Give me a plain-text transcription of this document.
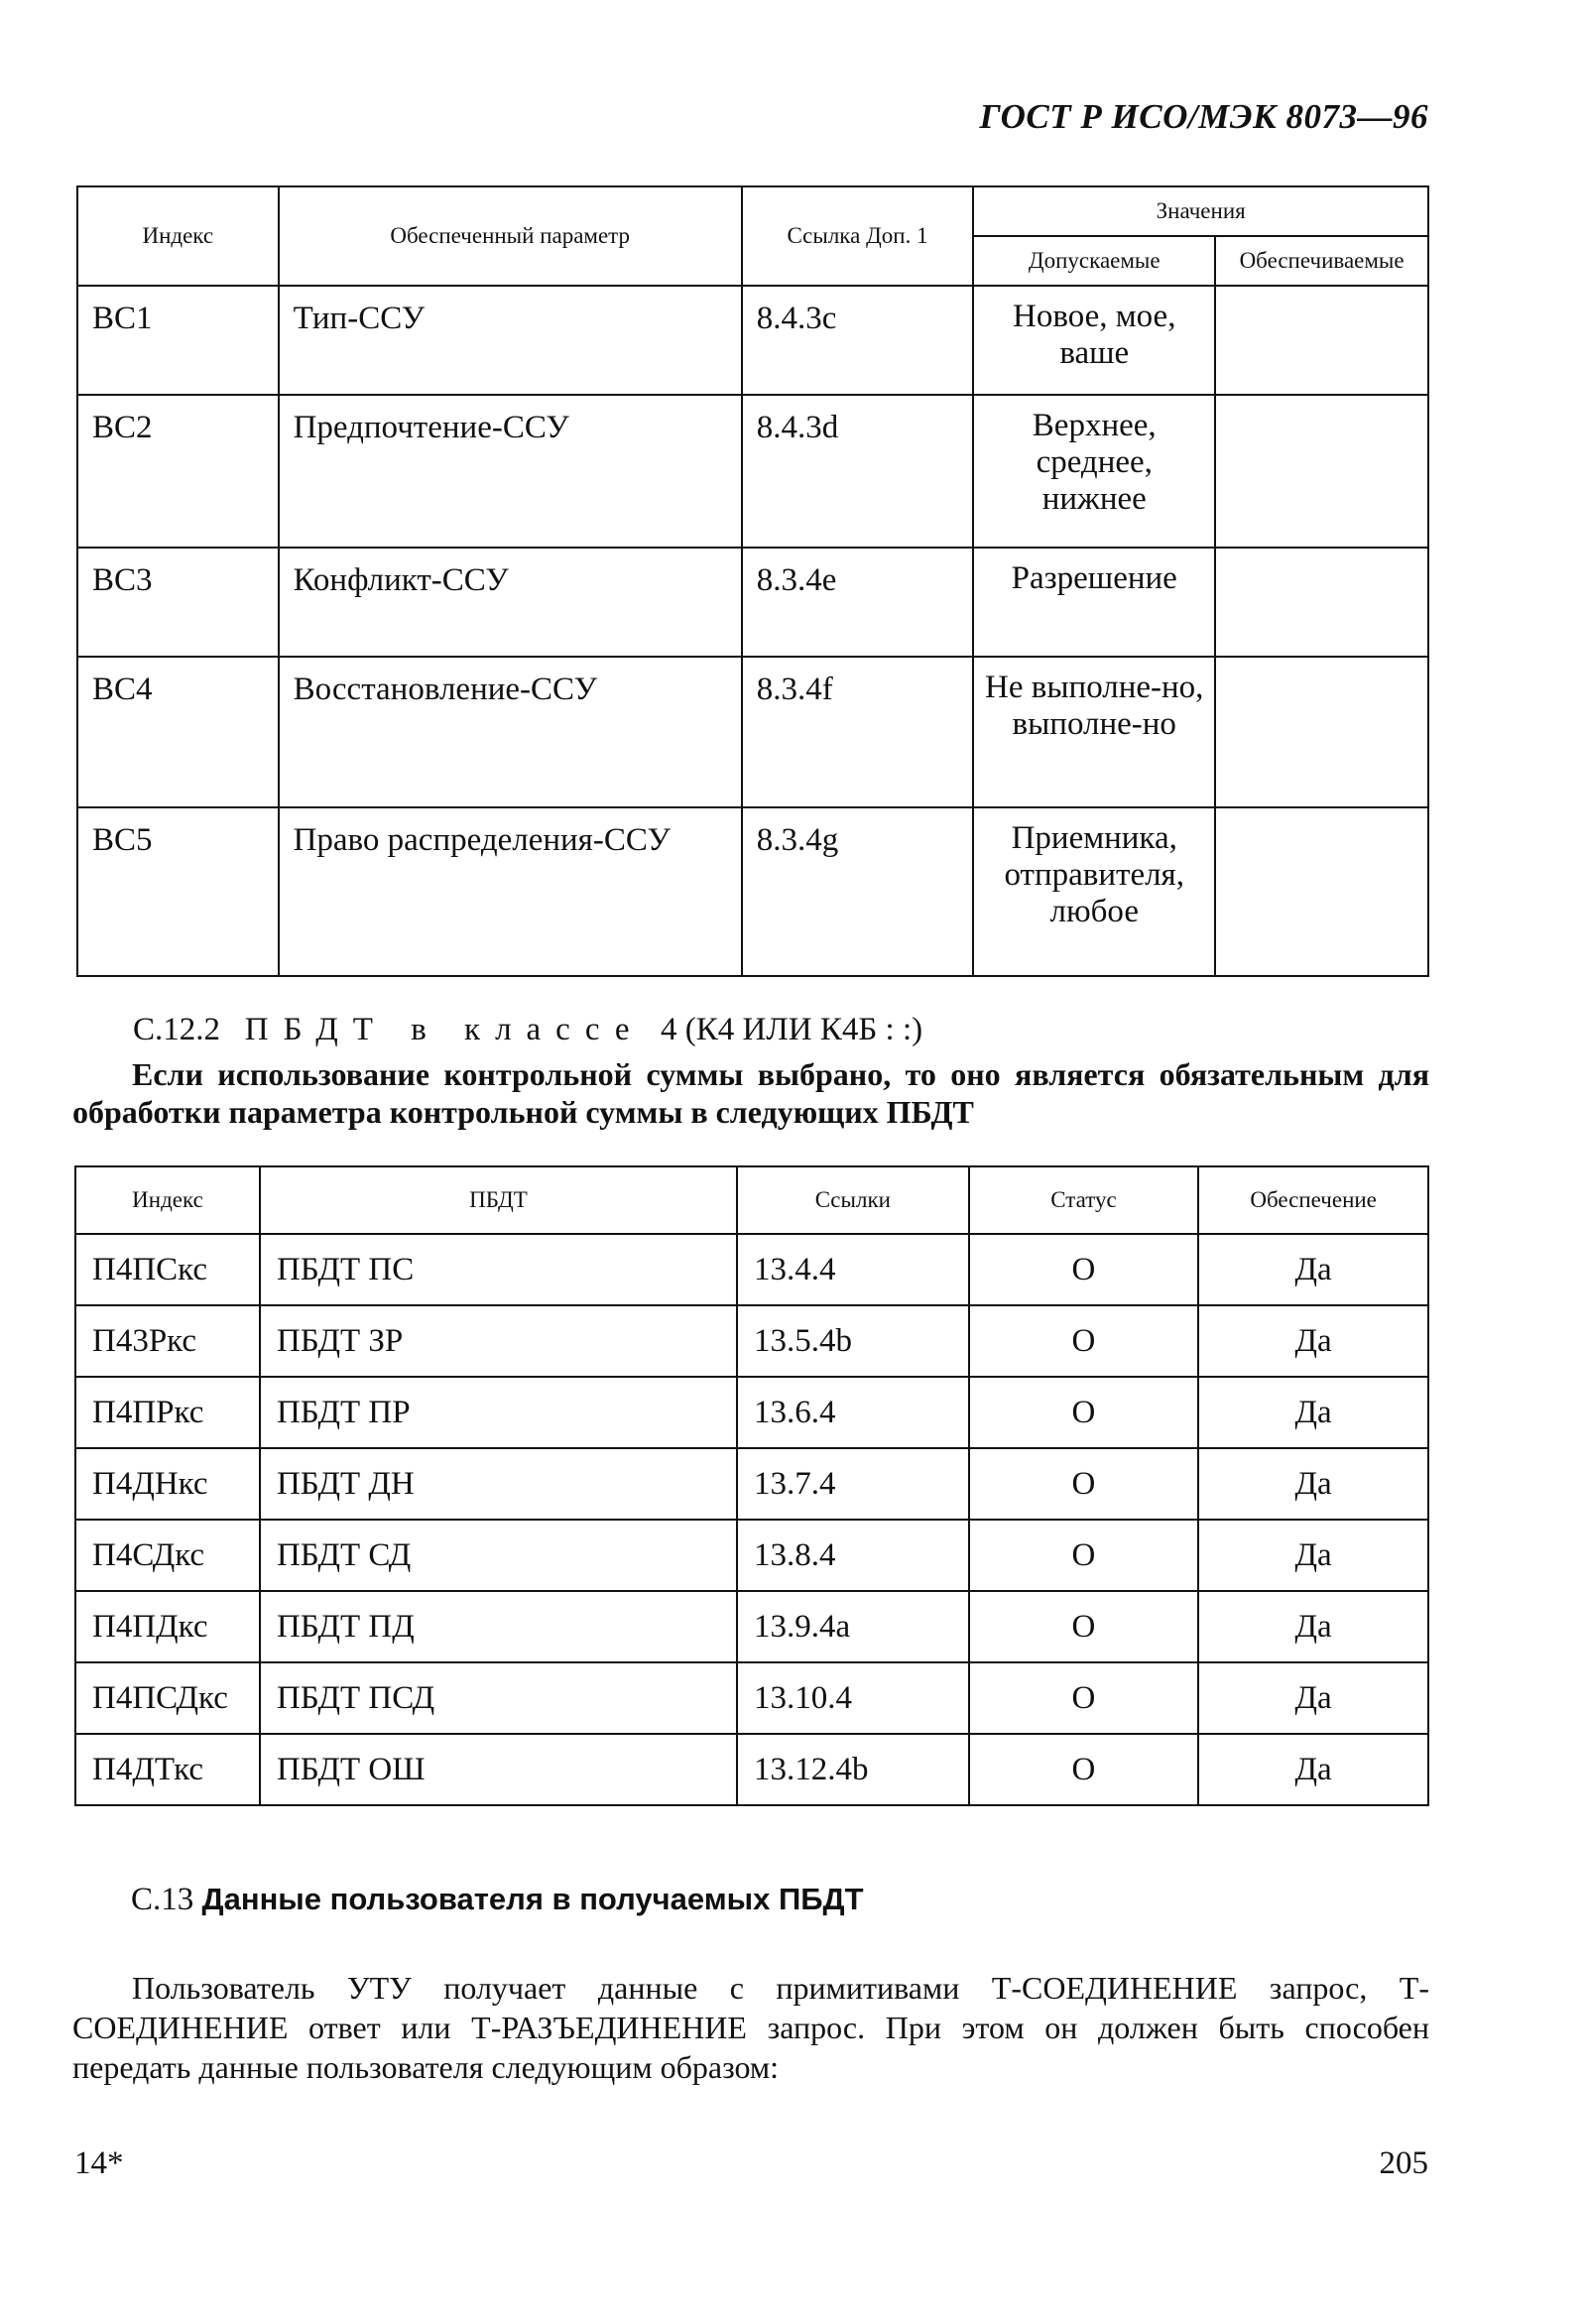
ГОСТ Р ИСО/МЭК 8073—96
Индекс	Обеспеченный параметр	Ссылка Доп. 1	Значения	
			Допускаемые	Обеспечиваемые
BC1	Тип-ССУ	8.4.3c	Новое, мое, ваше	
BC2	Предпочтение-ССУ	8.4.3d	Верхнее, среднее, нижнее	
BC3	Конфликт-ССУ	8.3.4e	Разрешение	
BC4	Восстановление-ССУ	8.3.4f	Не выполне-но, выполне-но	
BC5	Право распределения-ССУ	8.3.4g	Приемника, отправителя, любое	
С.12.2 ПБДТ в классе 4 (К4 ИЛИ К4Б : :)
Если использование контрольной суммы выбрано, то оно является обязательным для обработки параметра контрольной суммы в следующих ПБДТ
Индекс	ПБДТ	Ссылки	Статус	Обеспечение
П4ПСкс	ПБДТ ПС	13.4.4	О	Да
П43Ркс	ПБДТ ЗР	13.5.4b	О	Да
П4ПРкс	ПБДТ ПР	13.6.4	О	Да
П4ДНкс	ПБДТ ДН	13.7.4	О	Да
П4СДкс	ПБДТ СД	13.8.4	О	Да
П4ПДкс	ПБДТ ПД	13.9.4a	О	Да
П4ПСДкс	ПБДТ ПСД	13.10.4	О	Да
П4ДТкс	ПБДТ ОШ	13.12.4b	О	Да
С.13 Данные пользователя в получаемых ПБДТ
Пользователь УТУ получает данные с примитивами Т-СОЕДИНЕНИЕ запрос, Т-СОЕДИНЕНИЕ ответ или Т-РАЗЪЕДИНЕНИЕ запрос. При этом он должен быть способен передать данные пользователя следующим образом:
14*	205
